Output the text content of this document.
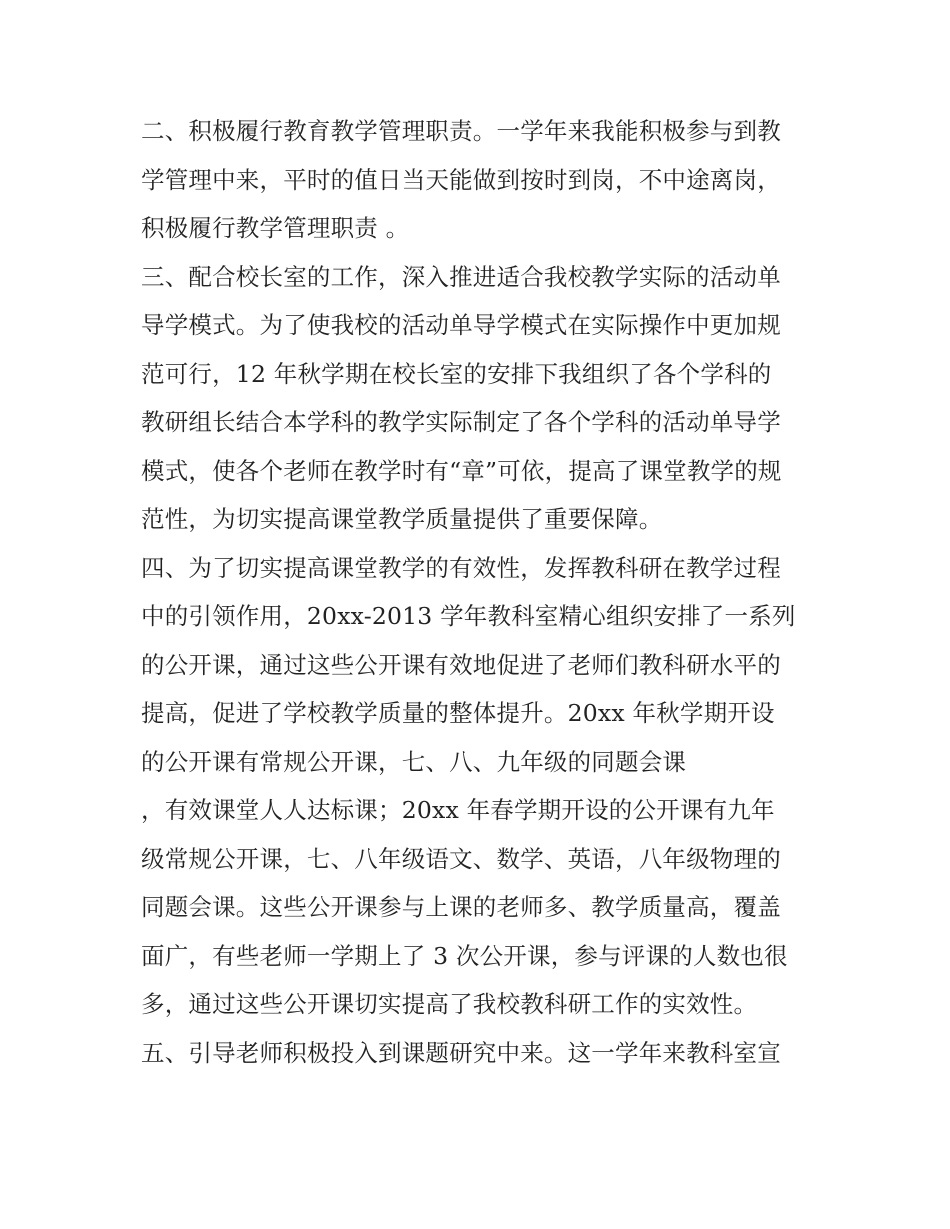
二、积极履行教育教学管理职责。一学年来我能积极参与到教
学管理中来，平时的值日当天能做到按时到岗，不中途离岗，
积极履行教学管理职责 。
三、配合校长室的工作，深入推进适合我校教学实际的活动单
导学模式。为了使我校的活动单导学模式在实际操作中更加规
范可行，12 年秋学期在校长室的安排下我组织了各个学科的
教研组长结合本学科的教学实际制定了各个学科的活动单导学
模式，使各个老师在教学时有“章”可依，提高了课堂教学的规
范性，为切实提高课堂教学质量提供了重要保障。
四、为了切实提高课堂教学的有效性，发挥教科研在教学过程
中的引领作用，20xx-2013 学年教科室精心组织安排了一系列
的公开课，通过这些公开课有效地促进了老师们教科研水平的
提高，促进了学校教学质量的整体提升。20xx 年秋学期开设
的公开课有常规公开课，七、八、九年级的同题会课
，有效课堂人人达标课；20xx 年春学期开设的公开课有九年
级常规公开课，七、八年级语文、数学、英语，八年级物理的
同题会课。这些公开课参与上课的老师多、教学质量高，覆盖
面广，有些老师一学期上了 3 次公开课，参与评课的人数也很
多，通过这些公开课切实提高了我校教科研工作的实效性。
五、引导老师积极投入到课题研究中来。这一学年来教科室宣
